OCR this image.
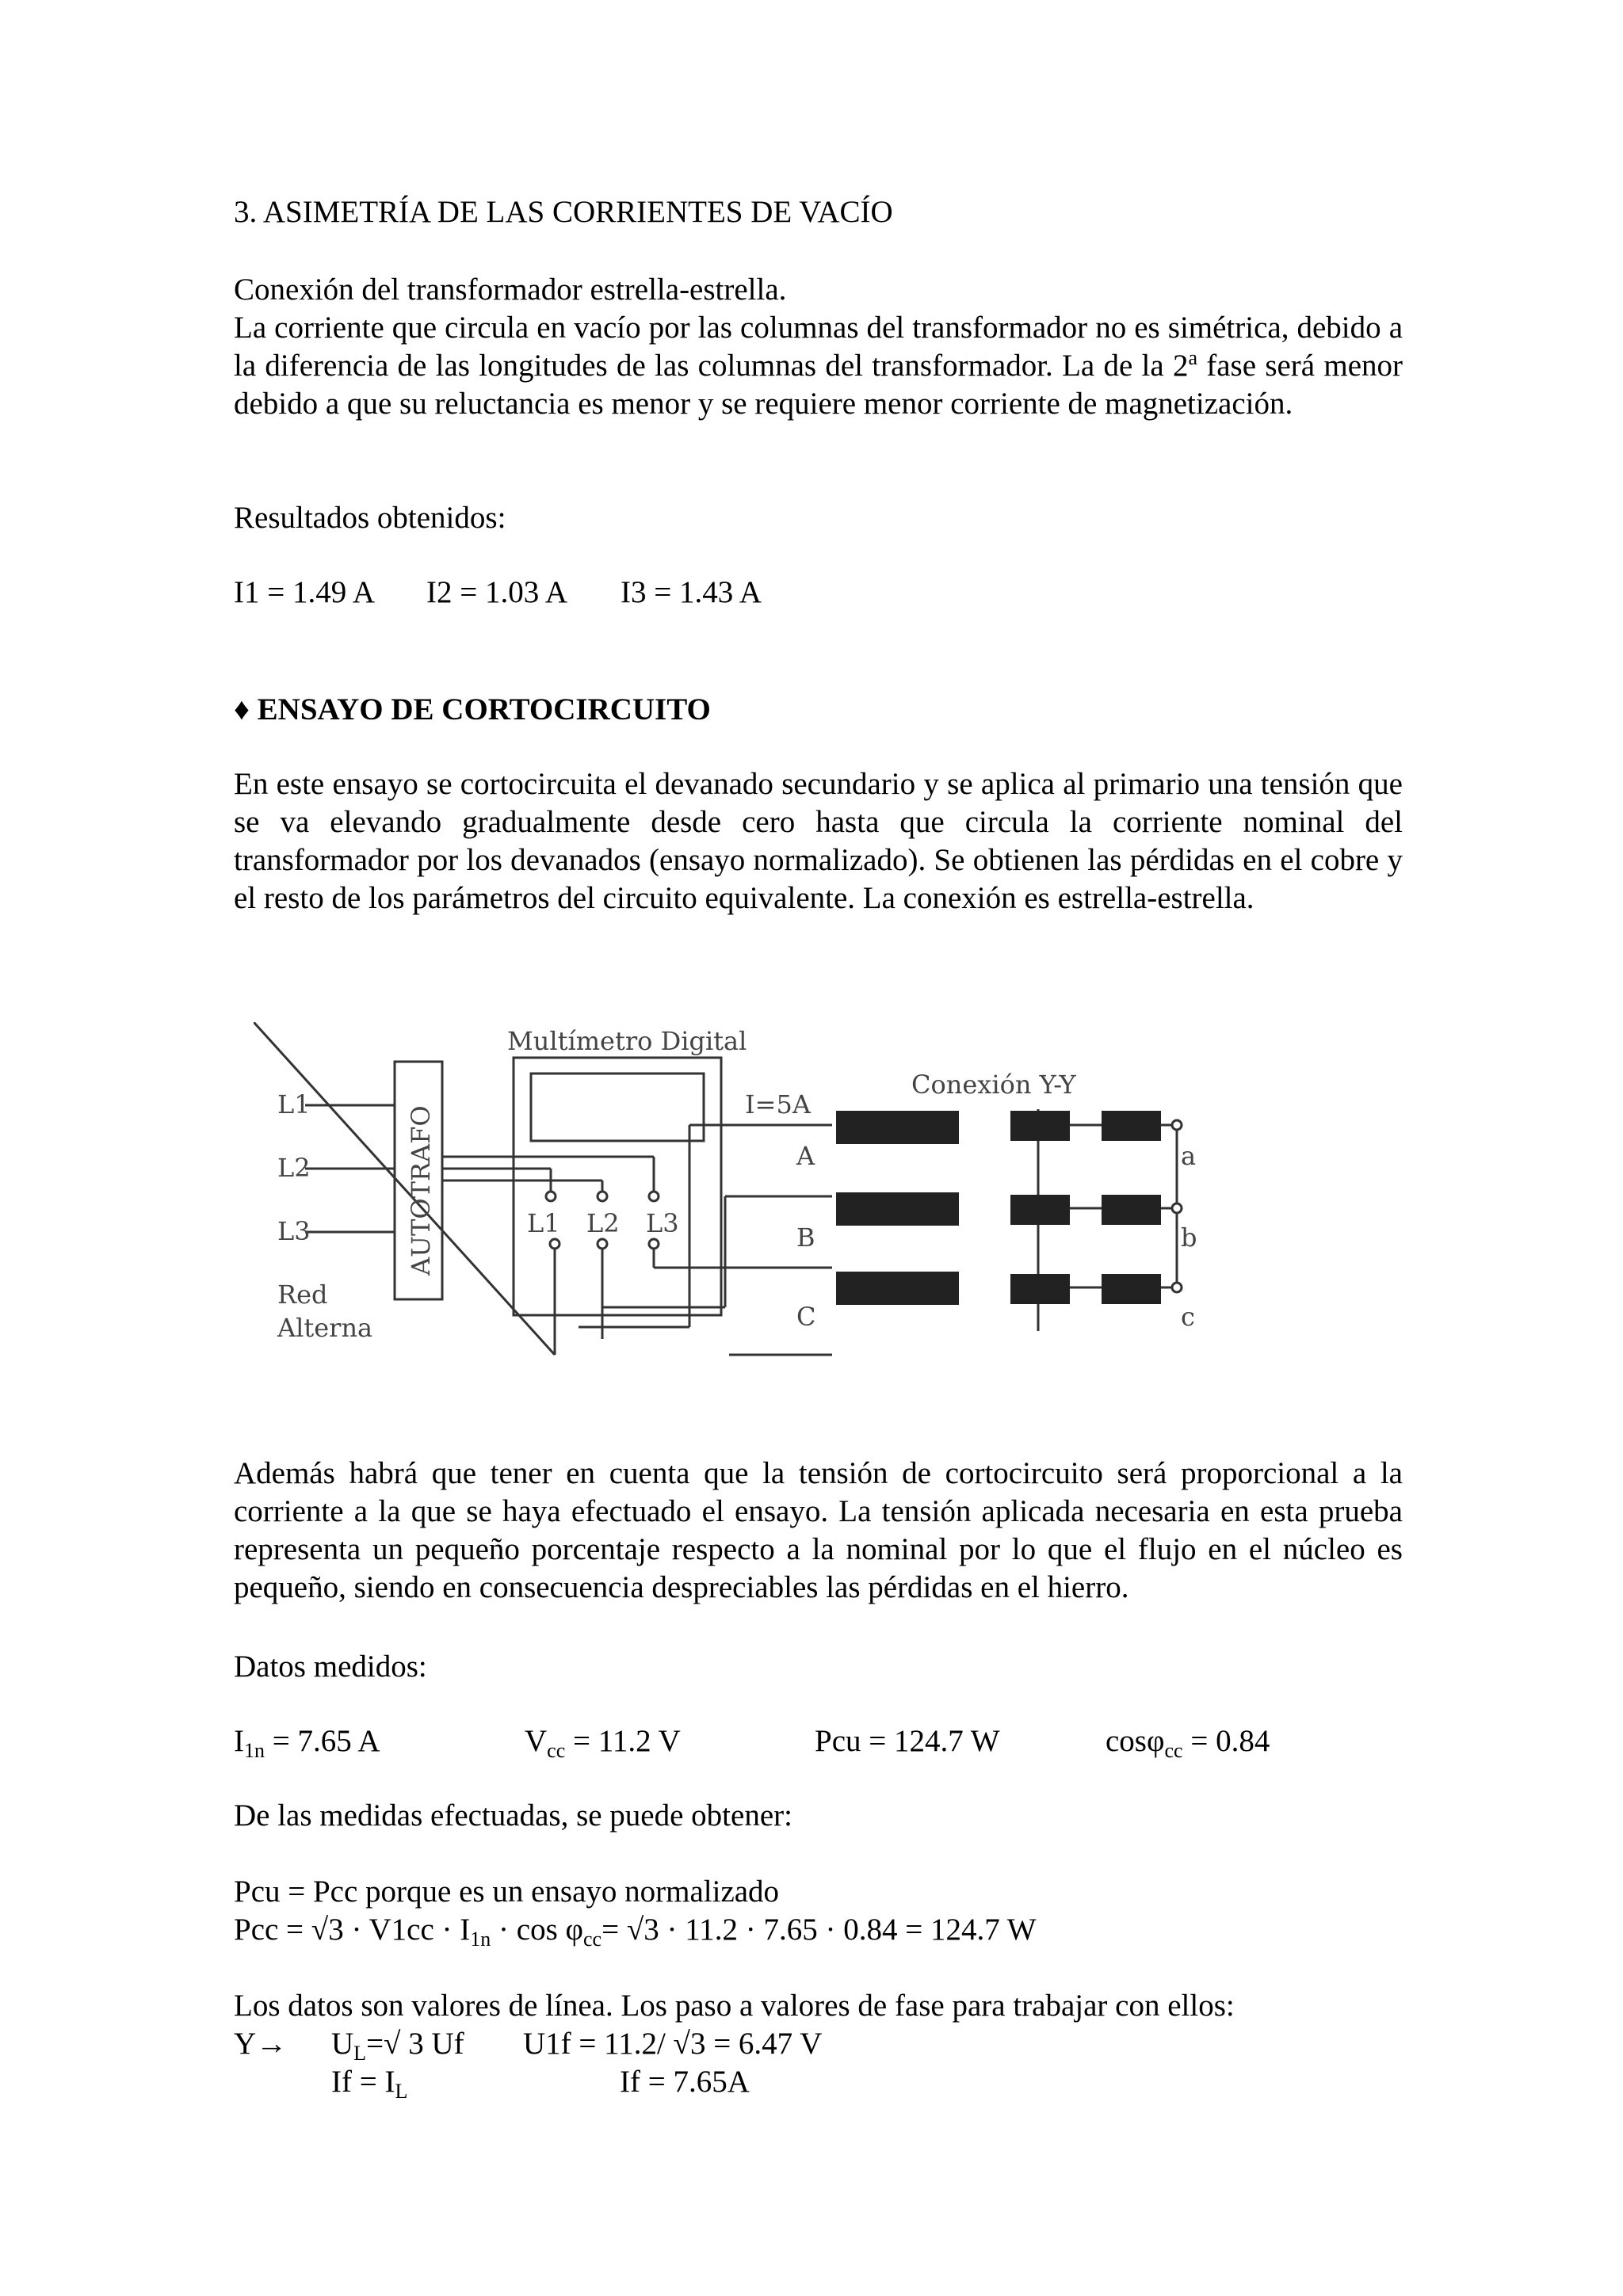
3. ASIMETRÍA DE LAS CORRIENTES DE VACÍO

Conexión del transformador estrella-estrella.

La corriente que circula en vacío por las columnas del transformador no es simétrica, debido a la diferencia de las longitudes de las columnas del transformador. La de la 2$^a$ fase será menor debido a que su reluctancia es menor y se requiere menor corriente de magnetización.

Resultados obtenidos:

I1 = 1.49 A I2 = 1.03 A I3 = 1.43 A

♦ ENSAYO DE CORTOCIRCUITO

En este ensayo se cortocircuita el devanado secundario y se aplica al primario una tensión que se va elevando gradualmente desde cero hasta que circula la corriente nominal del transformador por los devanados (ensayo normalizado). Se obtienen las pérdidas en el cobre y el resto de los parámetros del circuito equivalente. La conexión es estrella-estrella.

Multímetro Digital
Conexión Y-Y
I=5A
AUTOTRAFO
L1
L2
L3	L1 L2 L3
Red
Alterna
A
B
C
a
b
c

Además habrá que tener en cuenta que la tensión de cortocircuito será proporcional a la corriente a la que se haya efectuado el ensayo. La tensión aplicada necesaria en esta prueba representa un pequeño porcentaje respecto a la nominal por lo que el flujo en el núcleo es pequeño, siendo en consecuencia despreciables las pérdidas en el hierro.

Datos medidos:

$I_{1n} = 7.65$ A	$V_{cc} = 11.2$ V	Pcu = 124.7 W	cosφ$_{cc}$ = 0.84

De las medidas efectuadas, se puede obtener:

Pcu = Pcc porque es un ensayo normalizado

Pcc = $√3 \cdot V1cc \cdot I_{1n} \cdot \cos \varphi_{cc}= √3 \cdot 11.2 \cdot 7.65 \cdot 0.84 = 124.7$ W

Los datos son valores de línea. Los paso a valores de fase para trabajar con ellos:

$Y\to U_L=√$ 3 Uf U1f = 11.2/ √3 = 6.47 V

$If = I_L$	If = 7.65A
